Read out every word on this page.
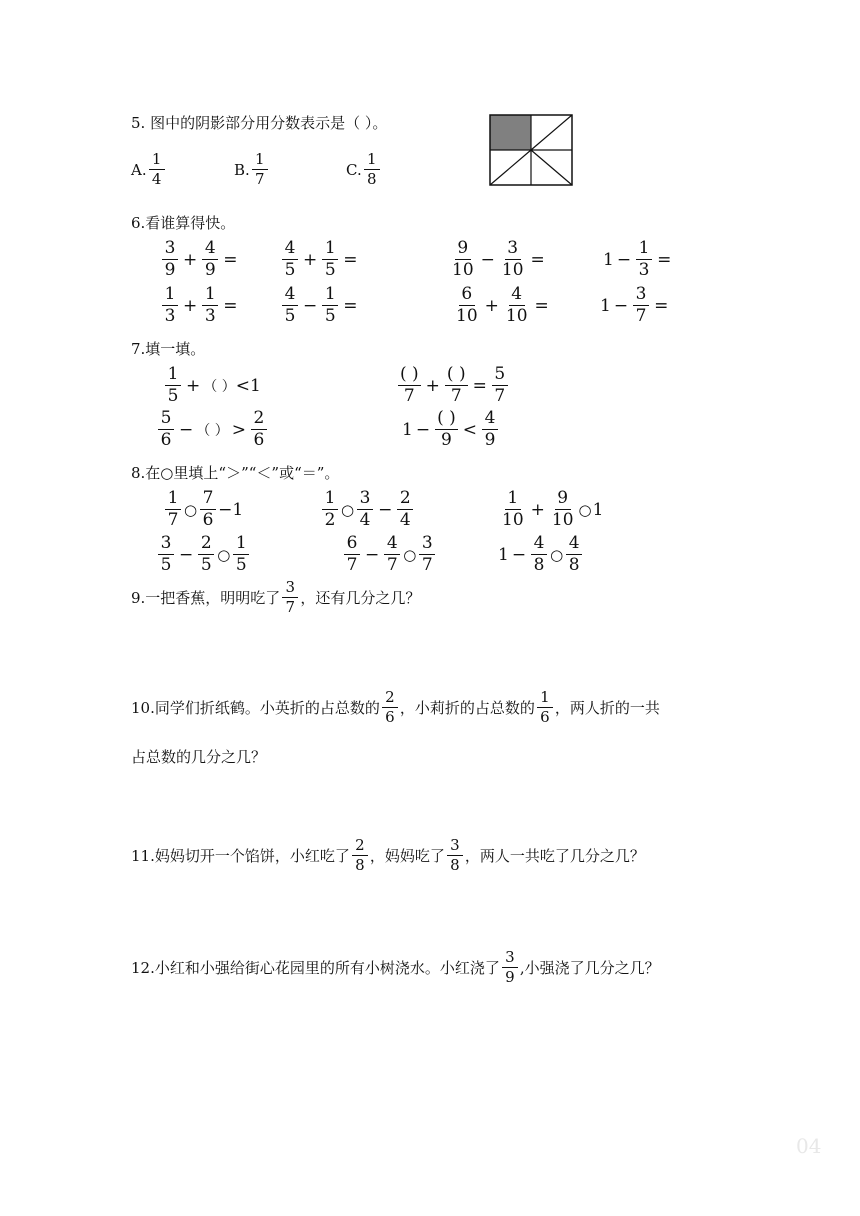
5. 图中的阴影部分用分数表示是（ ）。
A. $\frac{1}{4}$	B. $\frac{1}{7}$	C. $\frac{1}{8}$
6.看谁算得快。
$\frac{3}{9} + \frac{4}{9}$ =	$\frac{4}{5} + \frac{1}{5}$ =	$\frac{9}{10} - \frac{3}{10}$ =	$1 - \frac{1}{3}$ =
$\frac{1}{3} + \frac{1}{3}$ =	$\frac{4}{5} - \frac{1}{5}$ =	$\frac{6}{10} + \frac{4}{10}$ =	$1 - \frac{3}{7}$ =
7.填一填。
$\frac{1}{5}$ + （ ） <1	$\frac{( )}{7} + \frac{( )}{7} = \frac{5}{7}$
$\frac{5}{6}$ − （ ） > $\frac{2}{6}$	$1 - \frac{( )}{9} < \frac{4}{9}$
8.在○里填上“＞”“＜”或“＝”。
$\frac{1}{7}$ ○ $\frac{7}{6} -1$	$\frac{1}{2}$ ○ $\frac{3}{4} - \frac{2}{4}$	$\frac{1}{10} + \frac{9}{10}$ ○ 1
$\frac{3}{5} - \frac{2}{5}$ ○ $\frac{1}{5}$	$\frac{6}{7} - \frac{4}{7}$ ○ $\frac{3}{7}$	$1 - \frac{4}{8}$ ○ $\frac{4}{8}$
9.一把香蕉，明明吃了 $\frac{3}{7}$ ，还有几分之几？
10.同学们折纸鹤。小英折的占总数的 $\frac{2}{6}$ ，小莉折的占总数的 $\frac{1}{6}$ ，两人折的一共
占总数的几分之几？
11.妈妈切开一个馅饼，小红吃了 $\frac{2}{8}$ ，妈妈吃了 $\frac{3}{8}$ ，两人一共吃了几分之几？
12.小红和小强给街心花园里的所有小树浇水。小红浇了 $\frac{3}{9}$ ,小强浇了几分之几？
04
